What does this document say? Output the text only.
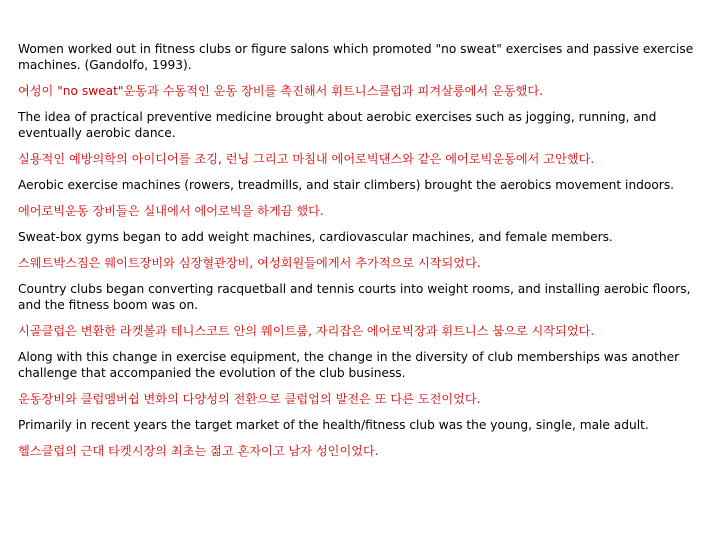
Women worked out in fitness clubs or figure salons which promoted "no sweat" exercises and passive exercise machines. (Gandolfo, 1993).

여성이 "no sweat"운동과 수동적인 운동 장비를 촉진해서 휘트니스클럽과 피겨살롱에서 운동했다.

The idea of practical preventive medicine brought about aerobic exercises such as jogging, running, and eventually aerobic dance.

실용적인 예방의학의 아이디어를 조깅, 런닝 그리고 마침내 에어로빅댄스와 같은 에어로빅운동에서 고안했다.

Aerobic exercise machines (rowers, treadmills, and stair climbers) brought the aerobics movement indoors.

에어로빅운동 장비들은 실내에서 에어로빅을 하게끔 했다.

Sweat-box gyms began to add weight machines, cardiovascular machines, and female members.

스웨트박스짐은 웨이트장비와 심장혈관장비, 여성회원들에게서 추가적으로 시작되었다.

Country clubs began converting racquetball and tennis courts into weight rooms, and installing aerobic floors, and the fitness boom was on.

시골클럽은 변환한 라켓볼과 테니스코트 안의 웨이트룸, 자리잡은 에어로빅장과 휘트니스 붐으로 시작되었다.

Along with this change in exercise equipment, the change in the diversity of club memberships was another challenge that accompanied the evolution of the club business.

운동장비와 클럽멤버쉽 변화의 다양성의 전환으로 클럽업의 발전은 또 다른 도전이었다.

Primarily in recent years the target market of the health/fitness club was the young, single, male adult.

헬스클럽의 근대 타켓시장의 최초는 젊고 혼자이고 남자 성인이었다.
